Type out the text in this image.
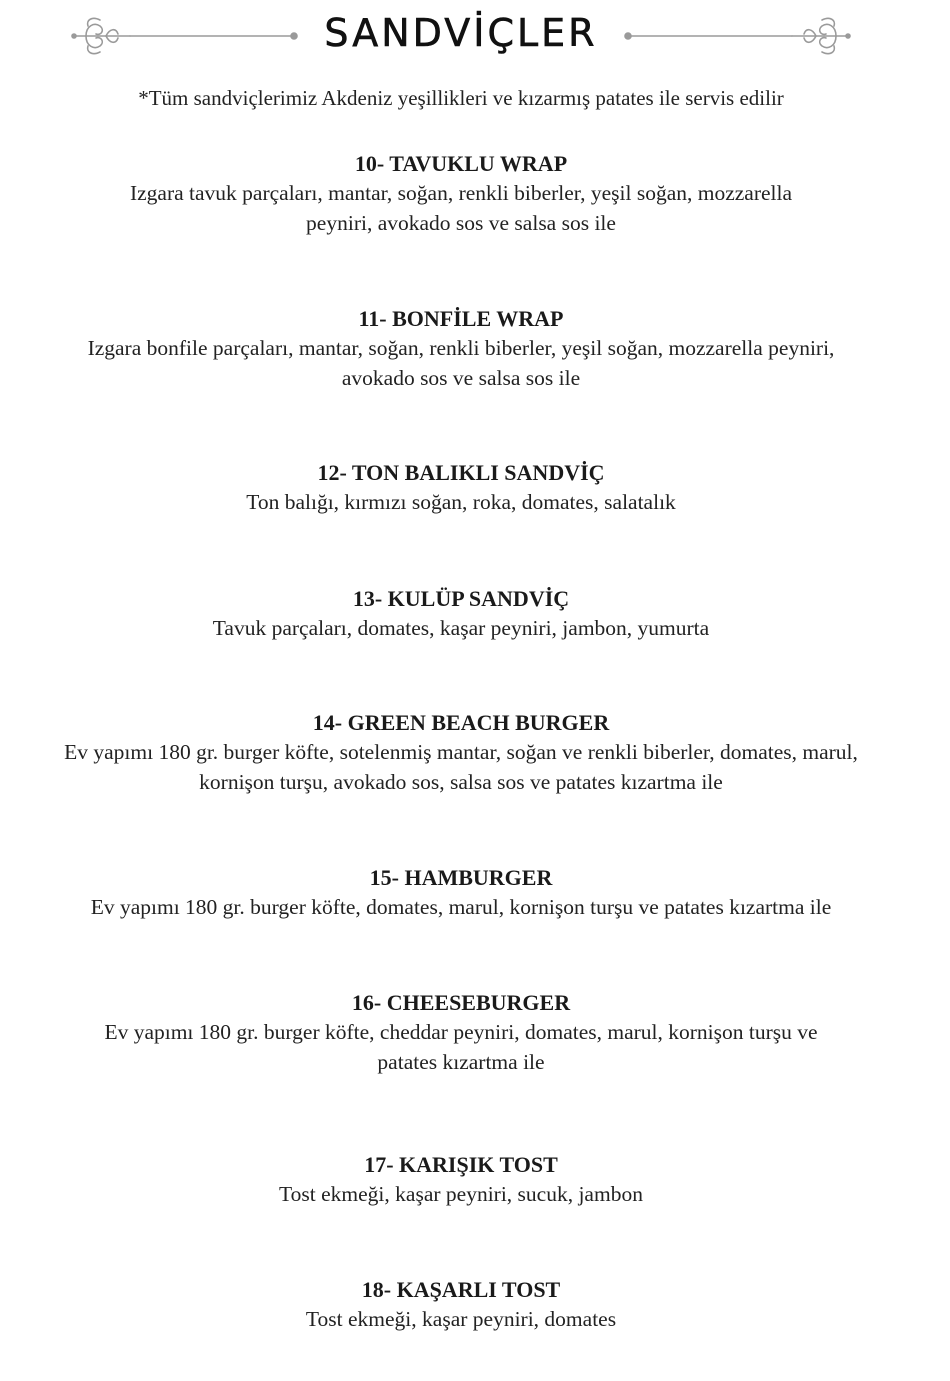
SANDVİÇLER
*Tüm sandviçlerimiz Akdeniz yeşillikleri ve kızarmış patates ile servis edilir
10- TAVUKLU WRAP
Izgara tavuk parçaları, mantar, soğan, renkli biberler, yeşil soğan, mozzarella
peyniri, avokado sos ve salsa sos ile
11- BONFİLE WRAP
Izgara bonfile parçaları, mantar, soğan, renkli biberler, yeşil soğan, mozzarella peyniri,
avokado sos ve salsa sos ile
12- TON BALIKLI SANDVİÇ
Ton balığı, kırmızı soğan, roka, domates, salatalık
13- KULÜP SANDVİÇ
Tavuk parçaları, domates, kaşar peyniri, jambon, yumurta
14- GREEN BEACH BURGER
Ev yapımı 180 gr. burger köfte, sotelenmiş mantar, soğan ve renkli biberler, domates, marul,
kornişon turşu, avokado sos, salsa sos ve patates kızartma ile
15- HAMBURGER
Ev yapımı 180 gr. burger köfte, domates, marul, kornişon turşu ve patates kızartma ile
16- CHEESEBURGER
Ev yapımı 180 gr. burger köfte, cheddar peyniri, domates, marul, kornişon turşu ve
patates kızartma ile
17- KARIŞIK TOST
Tost ekmeği, kaşar peyniri, sucuk, jambon
18- KAŞARLI TOST
Tost ekmeği, kaşar peyniri, domates
